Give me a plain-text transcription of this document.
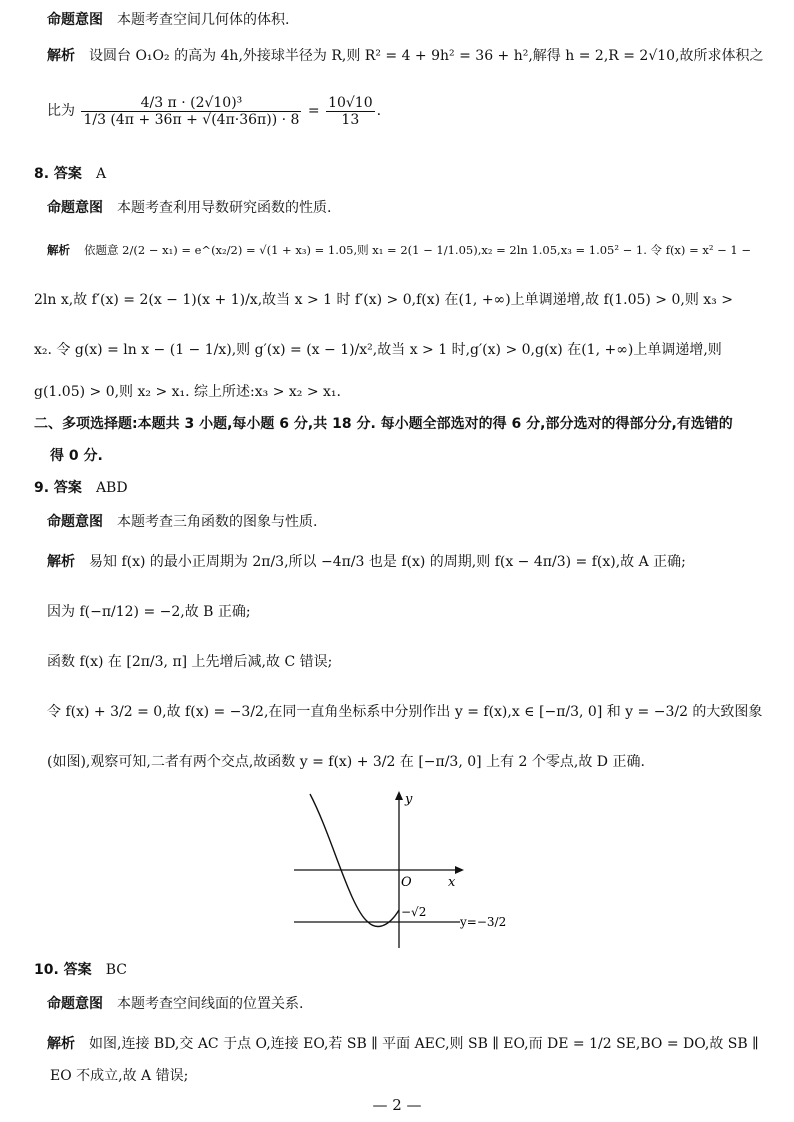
命题意图 本题考查空间几何体的体积.
解析 设圆台 O₁O₂ 的高为 4h,外接球半径为 R,则 R² = 4 + 9h² = 36 + h²,解得 h = 2,R = 2√10,故所求体积之
比为 $\frac{\text{4/3 π · (2√10)³}}{1/3 (4\pi + 36\pi + √(4\pi\cdot 36\pi)) \cdot 8} = \frac{10√10}{13}$ .
8. 答案 A
命题意图 本题考查利用导数研究函数的性质.
解析 依题意 2/(2 − x₁) = e^(x₂/2) = √(1 + x₃) = 1.05,则 x₁ = 2(1 − 1/1.05),x₂ = 2ln 1.05,x₃ = 1.05² − 1. 令 f(x) = x² − 1 −
2ln x,故 f′(x) = 2(x − 1)(x + 1)/x,故当 x > 1 时 f′(x) > 0,f(x) 在(1, +∞)上单调递增,故 f(1.05) > 0,则 x₃ >
x₂. 令 g(x) = ln x − (1 − 1/x),则 g′(x) = (x − 1)/x²,故当 x > 1 时,g′(x) > 0,g(x) 在(1, +∞)上单调递增,则
g(1.05) > 0,则 x₂ > x₁. 综上所述:x₃ > x₂ > x₁.
二、多项选择题:本题共 3 小题,每小题 6 分,共 18 分. 每小题全部选对的得 6 分,部分选对的得部分分,有选错的
得 0 分.
9. 答案 ABD
命题意图 本题考查三角函数的图象与性质.
解析 易知 f(x) 的最小正周期为 2π/3,所以 −4π/3 也是 f(x) 的周期,则 f(x − 4π/3) = f(x),故 A 正确;
因为 f(−π/12) = −2,故 B 正确;
函数 f(x) 在 [2π/3, π] 上先增后减,故 C 错误;
令 f(x) + 3/2 = 0,故 f(x) = −3/2,在同一直角坐标系中分别作出 y = f(x),x ∈ [−π/3, 0] 和 y = −3/2 的大致图象
(如图),观察可知,二者有两个交点,故函数 y = f(x) + 3/2 在 [−π/3, 0] 上有 2 个零点,故 D 正确.
y
x
O
−√2
y=−3/2
10. 答案 BC
命题意图 本题考查空间线面的位置关系.
解析 如图,连接 BD,交 AC 于点 O,连接 EO,若 SB ∥ 平面 AEC,则 SB ∥ EO,而 DE = 1/2 SE,BO = DO,故 SB ∥
EO 不成立,故 A 错误;
— 2 —
